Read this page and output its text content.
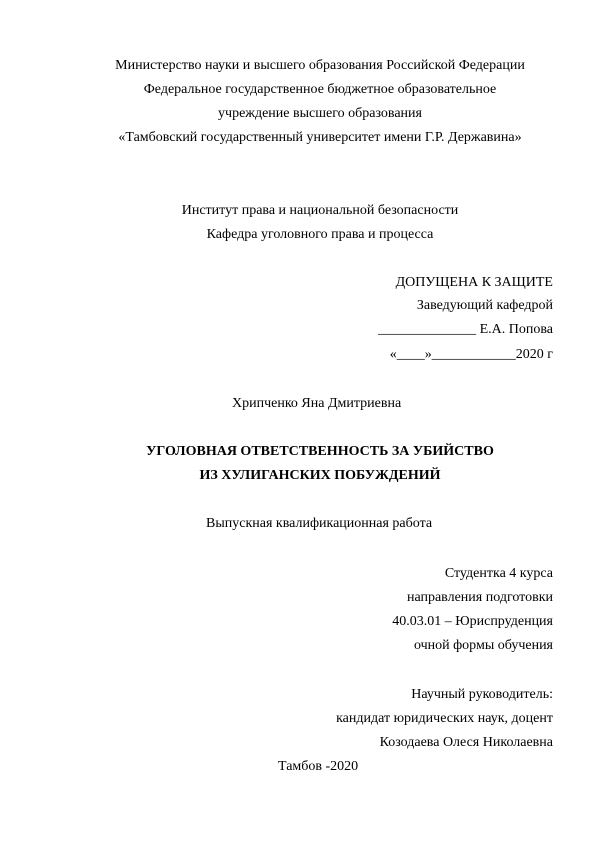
Министерство науки и высшего образования Российской Федерации
Федеральное государственное бюджетное образовательное
учреждение высшего образования
«Тамбовский государственный университет имени Г.Р. Державина»
Институт права и национальной безопасности
Кафедра уголовного права и процесса
ДОПУЩЕНА К ЗАЩИТЕ
Заведующий кафедрой
______________ Е.А. Попова
«____»____________2020 г
Хрипченко Яна Дмитриевна
УГОЛОВНАЯ ОТВЕТСТВЕННОСТЬ ЗА УБИЙСТВО
ИЗ ХУЛИГАНСКИХ ПОБУЖДЕНИЙ
Выпускная квалификационная работа
Студентка 4 курса
направления подготовки
40.03.01 – Юриспруденция
очной формы обучения
Научный руководитель:
кандидат юридических наук, доцент
Козодаева Олеся Николаевна
Тамбов -2020
